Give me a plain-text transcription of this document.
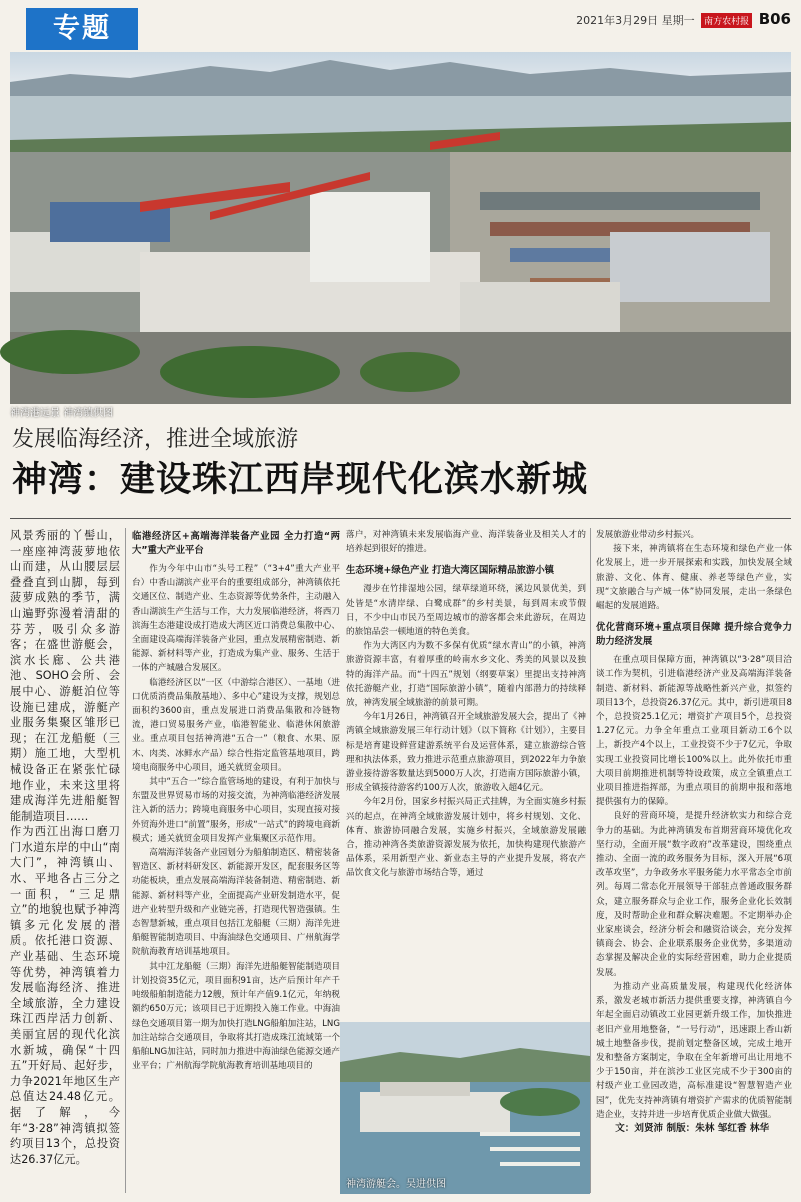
专题	2021年3月29日 星期一 南方农村报 B06
神湾港远景 神湾镇供图
发展临海经济，推进全域旅游
神湾：建设珠江西岸现代化滨水新城

风景秀丽的丫髻山，一座座神湾菠萝地依山而建，从山腰层层叠叠直到山脚，每到菠萝成熟的季节，满山遍野弥漫着清甜的芬芳，吸引众多游客；在盛世游艇会，滨水长廊、公共港池、SOHO会所、会展中心、游艇泊位等设施已建成，游艇产业服务集聚区雏形已现；在江龙船艇（三期）施工地，大型机械设备正在紧张忙碌地作业，未来这里将建成海洋先进船艇智能制造项目……

作为西江出海口磨刀门水道东岸的中山“南大门”，神湾镇山、水、平地各占三分之一面积，“三足鼎立”的地貌也赋予神湾镇多元化发展的潜质。依托港口资源、产业基础、生态环境等优势，神湾镇着力发展临海经济、推进全域旅游，全力建设珠江西岸活力创新、美丽宜居的现代化滨水新城，确保“十四五”开好局、起好步，力争2021年地区生产总值达24.48亿元。据了解，今年“3·28”神湾镇拟签约项目13个，总投资达26.37亿元。

临港经济区+高端海洋装备产业园 全力打造“两大”重大产业平台

作为今年中山市“头号工程”（“3+4”重大产业平台）中香山湖滨产业平台的重要组成部分，神湾镇依托交通区位、制造产业、生态资源等优势条件，主动融入香山湖滨生产生活与工作，大力发展临港经济，将西刀滨海生态港建设成打造成大湾区近口消费总集散中心、全面建设高端海洋装备产业园，重点发展精密制造、新能源、新材料等产业，打造成为集产业、服务、生活于一体的产城融合发展区。

临港经济区以“一区（中游综合港区）、一基地（进口优质消费品集散基地）、多中心”建设为支撑，规划总面积约3600亩，重点发展进口消费品集散和冷链物流，港口贸易服务产业，临港智能业、临港休闲旅游业。重点项目包括神湾港“五合一”（粮食、水果、原木、肉类、冰鲜水产品）综合性指定监管基地项目，跨境电商服务中心项目，通关就贸金项目。

其中“五合一”综合监管场地的建设，有利于加快与东盟及世界贸易市场的对接交流，为神湾临港经济发展注入新的活力；跨境电商服务中心项目，实现直接对接外贸海外进口“前置”服务，形成“一站式”的跨境电商新模式；通关就贸金项目发挥产业集聚区示范作用。

高端海洋装备产业园划分为船舶制造区、精密装备智造区、新材料研发区、新能源开发区，配套服务区等功能板块，重点发展高端海洋装备制造、精密制造、新能源、新材料等产业，全面提高产业研发制造水平，促进产业转型升级和产业链完善，打造现代智造强镇。生态智慧新城，重点项目包括江龙船艇（三期）海洋先进船艇智能制造项目、中海油绿色交通项目、广州航海学院航海教育培训基地项目。

其中江龙船艇（三期）海洋先进船艇智能制造项目计划投资35亿元，项目面积91亩，达产后预计年产千吨级船舶制造能力12艘，预计年产值9.1亿元，年纳税额约650万元；该项目已于近期投入施工作业。中海油绿色交通项目第一期为加快打造LNG船舶加注站，LNG加注站综合交通项目，争取将其打造成珠江流域第一个船舶LNG加注站，同时加力推进中海油绿色能源交通产业平台；广州航海学院航海教育培训基地项目的

落户，对神湾镇未来发展临海产业、海洋装备业及相关人才的培养起到很好的推进。

生态环境+绿色产业 打造大湾区国际精品旅游小镇

漫步在竹排湿地公园，绿草绿道环绕，溪边风景优美，到处皆是“水清岸绿、白鹭成群”的乡村美景，每到周末或节假日，不少中山市民乃至周边城市的游客都会来此游玩，在周边的旅馆品尝一顿地道的特色美食。

作为大湾区内为数不多保有优质“绿水青山”的小镇，神湾旅游资源丰富，有着厚重的岭南水乡文化、秀美的风景以及独特的海洋产品。而“十四五”规划（纲要草案）里提出支持神湾依托游艇产业，打造“国际旅游小镇”，随着内部潜力的持续释放，神湾发展全域旅游的前景可期。

今年1月26日，神湾镇召开全域旅游发展大会，提出了《神湾镇全域旅游发展三年行动计划》（以下简称《计划》），主要目标是培育建设鲜营建游系统平台及运营体系，建立旅游综合管理和执法体系，致力推进示范重点旅游项目，到2022年力争旅游业接待游客数量达到5000万人次，打造南方国际旅游小镇，形成全镇接待游客约100万人次，旅游收入超4亿元。

今年2月份，国家乡村振兴局正式挂牌，为全面实施乡村振兴的起点，在神湾全域旅游发展计划中，将乡村规划、文化、体育、旅游协同融合发展，实施乡村振兴，全域旅游发展融合，推动神湾各类旅游资源发展为依托，加快构建现代旅游产品体系，采用新型产业、新业态主导的产业提升发展，将农产品饮食文化与旅游市场结合等，通过

神湾游艇会。吴进供图

发展旅游业带动乡村振兴。

接下来，神湾镇将在生态环境和绿色产业一体化发展上，进一步开展探索和实践，加快发展全域旅游、文化、体育、健康、养老等绿色产业，实现“文旅融合与产城一体”协同发展，走出一条绿色崛起的发展道路。

优化营商环境+重点项目保障 提升综合竞争力助力经济发展

在重点项目保障方面，神湾镇以“3·28”项目洽谈工作为契机，引进临港经济产业及高端海洋装备制造、新材料、新能源等战略性新兴产业，拟签约项目13个，总投资26.37亿元。其中，新引进项目8个，总投资25.1亿元；增资扩产项目5个，总投资1.27亿元。力争全年重点工业项目新动工6个以上，新投产4个以上，工业投资不少于7亿元，争取实现工业投资同比增长100%以上。此外依托市重大项目前期推进机制等特设政策，成立全镇重点工业项目推进指挥部，为重点项目的前期申报和落地提供强有力的保障。

良好的营商环境，是提升经济软实力和综合竞争力的基础。为此神湾镇发布首期营商环境优化攻坚行动，全面开展“数字政府”改革建设，围绕重点推动、全面一流的政务服务为目标，深入开展“6项改革攻坚”，力争政务水平服务能力水平常态全市前列。每周二常态化开展领导干部驻点普通政服务群众，建立服务群众与企业工作，服务企业化长效制度，及时帮助企业和群众解决难题。不定期举办企业家座谈会，经济分析会和融资洽谈会，充分发挥镇商会、协会、企业联系服务企业优势，多渠道动态掌握及解决企业的实际经营困难，助力企业提质发展。

为推动产业高质量发展，构建现代化经济体系，激发老城市新活力提供重要支撑，神湾镇自今年起全面启动镇改工业园更新升级工作，加快推进老旧产业用地整备，“一号行动”，迅速跟上香山新城土地整备步伐，提前划定整备区域，完成土地开发和整备方案制定，争取在全年新增可出让用地不少于150亩，并在滨沙工业区完成不少于300亩的村级产业工业园改造，高标准建设“智慧智造产业园”，优先支持神湾镇有增资扩产需求的优质智能制造企业，支持并进一步培育优质企业做大做强。

文：刘贤沛 制版：朱林 邹红香 林华
